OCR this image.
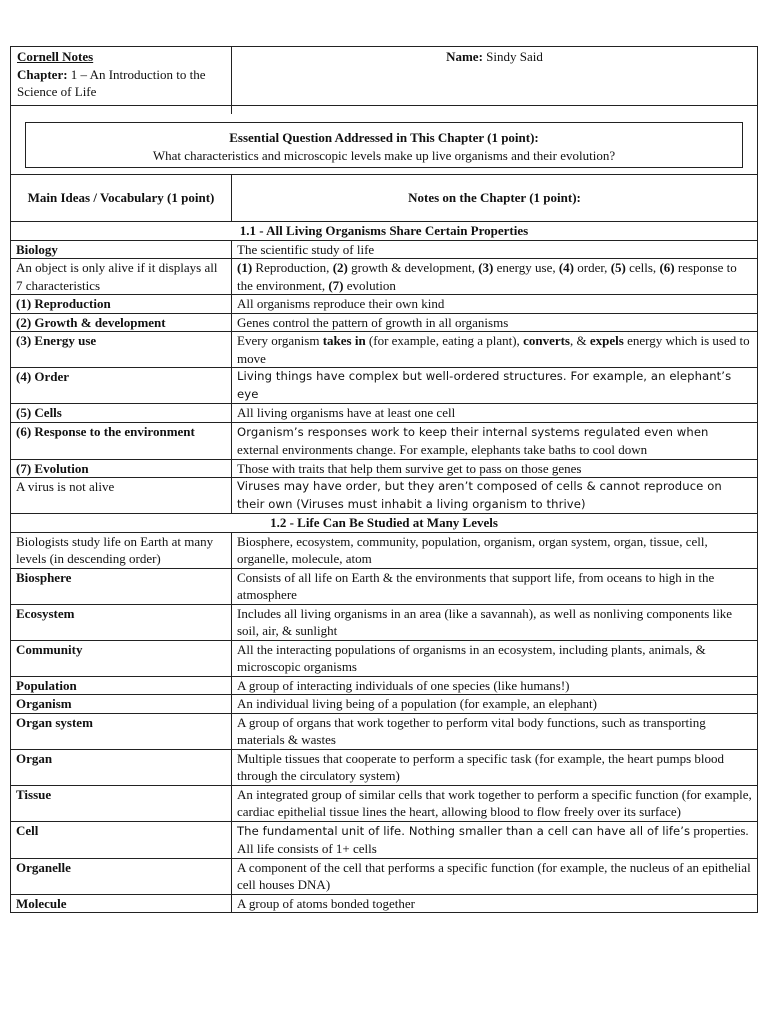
Cornell Notes
Chapter: 1 – An Introduction to the Science of Life	Name: Sindy Said

Essential Question Addressed in This Chapter (1 point):
What characteristics and microscopic levels make up live organisms and their evolution?	

Main Ideas / Vocabulary (1 point)	Notes on the Chapter (1 point):
1.1 - All Living Organisms Share Certain Properties	
Biology	The scientific study of life
An object is only alive if it displays all 7 characteristics	(1) Reproduction, (2) growth & development, (3) energy use, (4) order, (5) cells, (6) response to the environment, (7) evolution
(1) Reproduction	All organisms reproduce their own kind
(2) Growth & development	Genes control the pattern of growth in all organisms
(3) Energy use	Every organism takes in (for example, eating a plant), converts, & expels energy which is used to move
(4) Order	Living things have complex but well-ordered structures. For example, an elephant’s eye
(5) Cells	All living organisms have at least one cell
(6) Response to the environment	Organism’s responses work to keep their internal systems regulated even when external environments change. For example, elephants take baths to cool down
(7) Evolution	Those with traits that help them survive get to pass on those genes
A virus is not alive	Viruses may have order, but they aren’t composed of cells & cannot reproduce on their own (Viruses must inhabit a living organism to thrive)
1.2 - Life Can Be Studied at Many Levels	
Biologists study life on Earth at many levels (in descending order)	Biosphere, ecosystem, community, population, organism, organ system, organ, tissue, cell, organelle, molecule, atom
Biosphere	Consists of all life on Earth & the environments that support life, from oceans to high in the atmosphere
Ecosystem	Includes all living organisms in an area (like a savannah), as well as nonliving components like soil, air, & sunlight
Community	All the interacting populations of organisms in an ecosystem, including plants, animals, & microscopic organisms
Population	A group of interacting individuals of one species (like humans!)
Organism	An individual living being of a population (for example, an elephant)
Organ system	A group of organs that work together to perform vital body functions, such as transporting materials & wastes
Organ	Multiple tissues that cooperate to perform a specific task (for example, the heart pumps blood through the circulatory system)
Tissue	An integrated group of similar cells that work together to perform a specific function (for example, cardiac epithelial tissue lines the heart, allowing blood to flow freely over its surface)
Cell	The fundamental unit of life. Nothing smaller than a cell can have all of life’s properties. All life consists of 1+ cells
Organelle	A component of the cell that performs a specific function (for example, the nucleus of an epithelial cell houses DNA)
Molecule	A group of atoms bonded together
